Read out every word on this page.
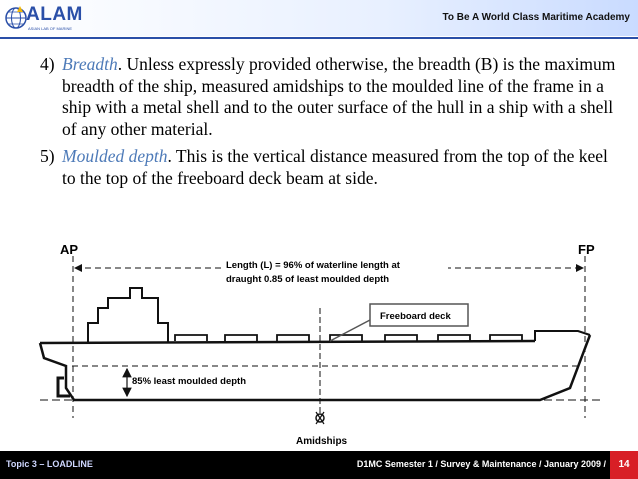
ALAM
ASIAN LAB OF MARINE
To Be A World Class Maritime Academy
4) Breadth. Unless expressly provided otherwise, the breadth (B) is the maximum breadth of the ship, measured amidships to the moulded line of the frame in a ship with a metal shell and to the outer surface of the hull in a ship with a shell of any other material.
5) Moulded depth. This is the vertical distance measured from the top of the keel to the top of the freeboard deck beam at side.
AP	FP
Length (L) = 96% of waterline length at
draught 0.85 of least moulded depth
85% least moulded depth
Freeboard deck
Amidships
Topic 3 – LOADLINE	D1MC Semester 1 / Survey & Maintenance / January 2009 /	14
